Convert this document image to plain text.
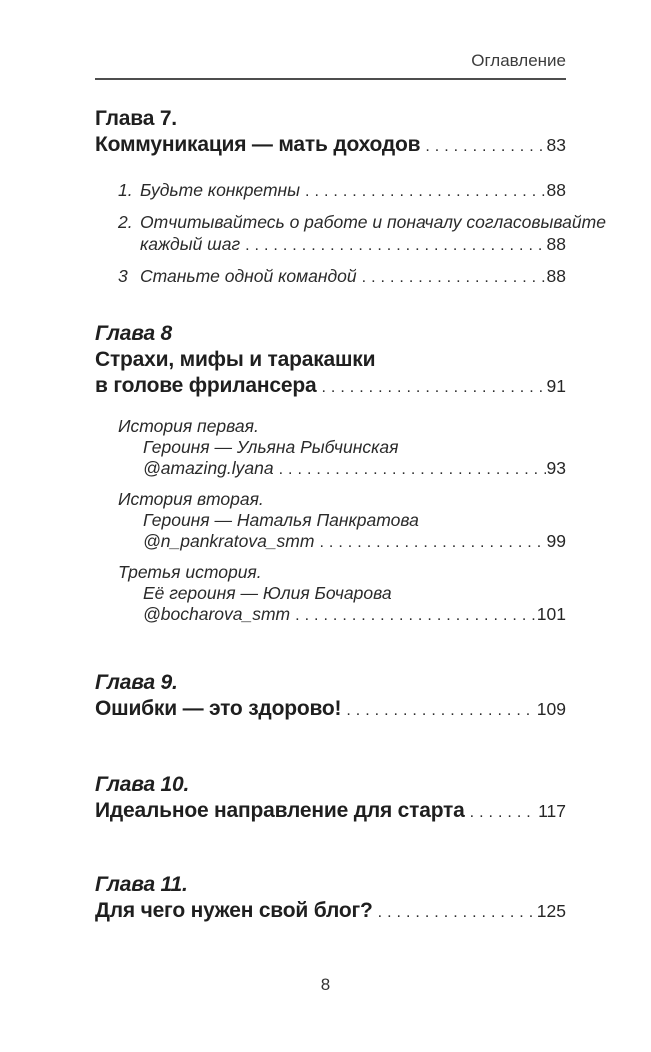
Оглавление
Глава 7.
Коммуникация — мать доходов .....	83
1. Будьте конкретны .....	88
2. Отчитывайтесь о работе и поначалу согласовывайте
каждый шаг .....	88
3 Станьте одной командой .....	88
Глава 8
Страхи, мифы и таракашки
в голове фрилансера .....	91
История первая.
Героиня — Ульяна Рыбчинская
@amazing.lyana .....	93
История вторая.
Героиня — Наталья Панкратова
@n_pankratova_smm .....	99
Третья история.
Её героиня — Юлия Бочарова
@bocharova_smm .....	101
Глава 9.
Ошибки — это здорово! .....	109
Глава 10.
Идеальное направление для старта .....	117
Глава 11.
Для чего нужен свой блог? .....	125
8
